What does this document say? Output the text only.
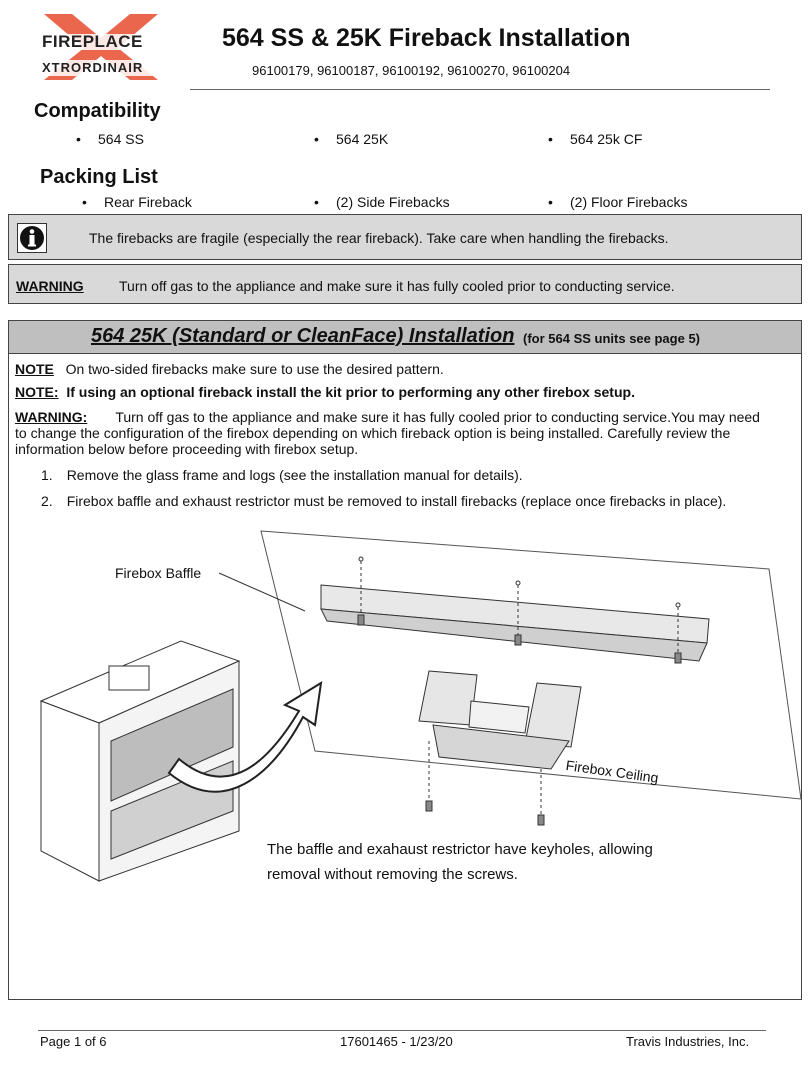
FIREPLACE
XTRORDINAIR
564 SS & 25K Fireback Installation
96100179, 96100187, 96100192, 96100270, 96100204
Compatibility
• 564 SS	• 564 25K	• 564 25k CF
Packing List
• Rear Fireback	• (2) Side Firebacks	• (2) Floor Firebacks
The firebacks are fragile (especially the rear fireback). Take care when handling the firebacks.
WARNING	Turn off gas to the appliance and make sure it has fully cooled prior to conducting service.
564 25K (Standard or CleanFace) Installation (for 564 SS units see page 5)
NOTE On two-sided firebacks make sure to use the desired pattern.
NOTE: If using an optional fireback install the kit prior to performing any other firebox setup.
WARNING: Turn off gas to the appliance and make sure it has fully cooled prior to conducting service.You may need
to change the configuration of the firebox depending on which fireback option is being installed. Carefully review the
information below before proceeding with firebox setup.
1. Remove the glass frame and logs (see the installation manual for details).
2. Firebox baffle and exhaust restrictor must be removed to install firebacks (replace once firebacks in place).
Firebox Baffle
Firebox Ceiling
The baffle and exahaust restrictor have keyholes, allowing
removal without removing the screws.
Page 1 of 6	17601465 - 1/23/20	Travis Industries, Inc.
